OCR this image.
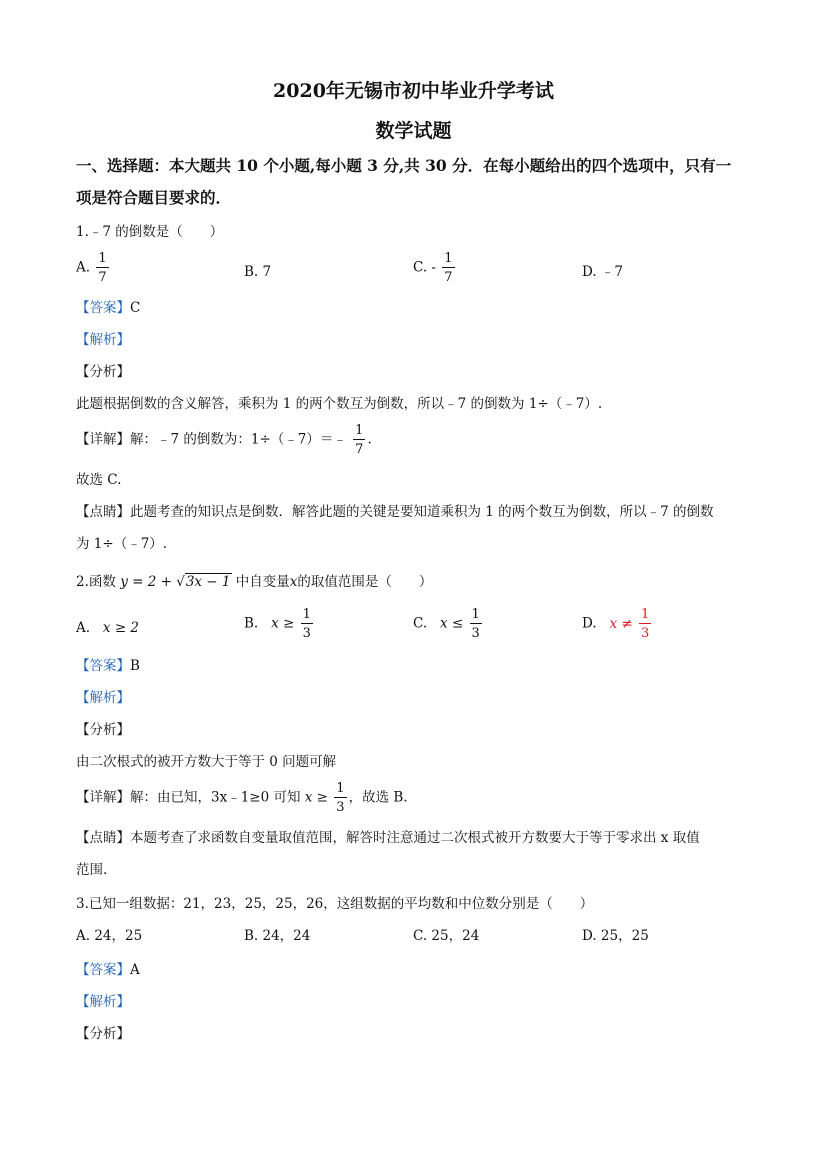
2020年无锡市初中毕业升学考试
数学试题
一、选择题：本大题共 10 个小题,每小题 3 分,共 30 分．在每小题给出的四个选项中，只有一
项是符合题目要求的．
1.﹣7 的倒数是（　　）
A. $\frac{1}{7}$	B. 7	C. - $\frac{1}{7}$	D. ﹣7
【答案】C
【解析】
【分析】
此题根据倒数的含义解答，乘积为 1 的两个数互为倒数，所以﹣7 的倒数为 1÷（﹣7）.
【详解】解：﹣7 的倒数为：1÷（﹣7）＝﹣ $\frac{1}{7}$ .
故选 C.
【点睛】此题考查的知识点是倒数．解答此题的关键是要知道乘积为 1 的两个数互为倒数，所以﹣7 的倒数
为 1÷（﹣7）.
2.函数 y = 2 + √3x − 1 中自变量x的取值范围是（　　）
A. x ≥ 2	B. $x \ge \frac{1}{3}$	C. $x \le \frac{1}{3}$	D. $x \ne \frac{1}{3}$
【答案】B
【解析】
【分析】
由二次根式的被开方数大于等于 0 问题可解
【详解】解：由已知，3x﹣1≥0 可知 $x \ge \frac{1}{3}$ ，故选 B.
【点睛】本题考查了求函数自变量取值范围，解答时注意通过二次根式被开方数要大于等于零求出 x 取值
范围.
3.已知一组数据：21，23，25，25，26，这组数据的平均数和中位数分别是（　　）
A. 24，25	B. 24，24	C. 25，24	D. 25，25
【答案】A
【解析】
【分析】
